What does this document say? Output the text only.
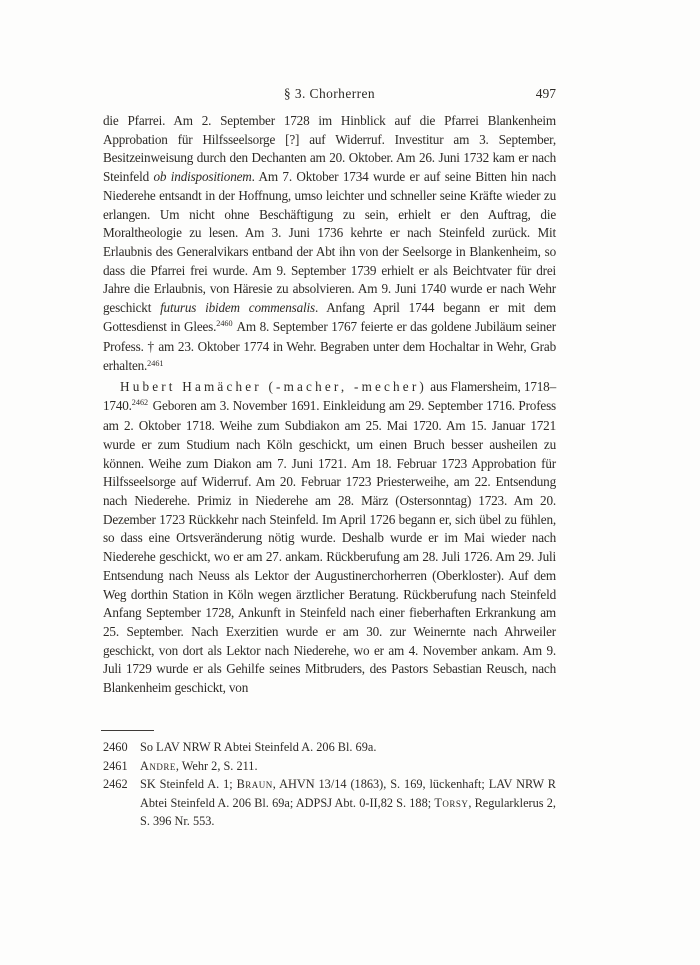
§ 3. Chorherren	497

die Pfarrei. Am 2. September 1728 im Hinblick auf die Pfarrei Blankenheim Approbation für Hilfsseelsorge [?] auf Widerruf. Investitur am 3. September, Besitzeinweisung durch den Dechanten am 20. Oktober. Am 26. Juni 1732 kam er nach Steinfeld ob indispositionem. Am 7. Oktober 1734 wurde er auf seine Bitten hin nach Niederehe entsandt in der Hoffnung, umso leichter und schneller seine Kräfte wieder zu erlangen. Um nicht ohne Beschäftigung zu sein, erhielt er den Auftrag, die Moraltheologie zu lesen. Am 3. Juni 1736 kehrte er nach Steinfeld zurück. Mit Erlaubnis des Generalvikars entband der Abt ihn von der Seelsorge in Blankenheim, so dass die Pfarrei frei wurde. Am 9. September 1739 erhielt er als Beichtvater für drei Jahre die Erlaubnis, von Häresie zu absolvieren. Am 9. Juni 1740 wurde er nach Wehr geschickt futurus ibidem commensalis. Anfang April 1744 begann er mit dem Gottesdienst in Glees.$^{2460}$ Am 8. September 1767 feierte er das goldene Jubiläum seiner Profess. † am 23. Oktober 1774 in Wehr. Begraben unter dem Hochaltar in Wehr, Grab erhalten.$^{2461}$

Hubert Hamächer (-macher, -mecher) aus Flamersheim, 1718–1740.$^{2462}$ Geboren am 3. November 1691. Einkleidung am 29. September 1716. Profess am 2. Oktober 1718. Weihe zum Subdiakon am 25. Mai 1720. Am 15. Januar 1721 wurde er zum Studium nach Köln geschickt, um einen Bruch besser ausheilen zu können. Weihe zum Diakon am 7. Juni 1721. Am 18. Februar 1723 Approbation für Hilfsseelsorge auf Widerruf. Am 20. Februar 1723 Priesterweihe, am 22. Entsendung nach Niederehe. Primiz in Niederehe am 28. März (Ostersonntag) 1723. Am 20. Dezember 1723 Rückkehr nach Steinfeld. Im April 1726 begann er, sich übel zu fühlen, so dass eine Ortsveränderung nötig wurde. Deshalb wurde er im Mai wieder nach Niederehe geschickt, wo er am 27. ankam. Rückberufung am 28. Juli 1726. Am 29. Juli Entsendung nach Neuss als Lektor der Augustinerchorherren (Oberkloster). Auf dem Weg dorthin Station in Köln wegen ärztlicher Beratung. Rückberufung nach Steinfeld Anfang September 1728, Ankunft in Steinfeld nach einer fieberhaften Erkrankung am 25. September. Nach Exerzitien wurde er am 30. zur Weinernte nach Ahrweiler geschickt, von dort als Lektor nach Niederehe, wo er am 4. November ankam. Am 9. Juli 1729 wurde er als Gehilfe seines Mitbruders, des Pastors Sebastian Reusch, nach Blankenheim geschickt, von

2460	So LAV NRW R Abtei Steinfeld A. 206 Bl. 69a.
2461	Andre, Wehr 2, S. 211.
2462	SK Steinfeld A. 1; Braun, AHVN 13/14 (1863), S. 169, lückenhaft; LAV NRW R Abtei Steinfeld A. 206 Bl. 69a; ADPSJ Abt. 0-II,82 S. 188; Torsy, Regularklerus 2, S. 396 Nr. 553.
